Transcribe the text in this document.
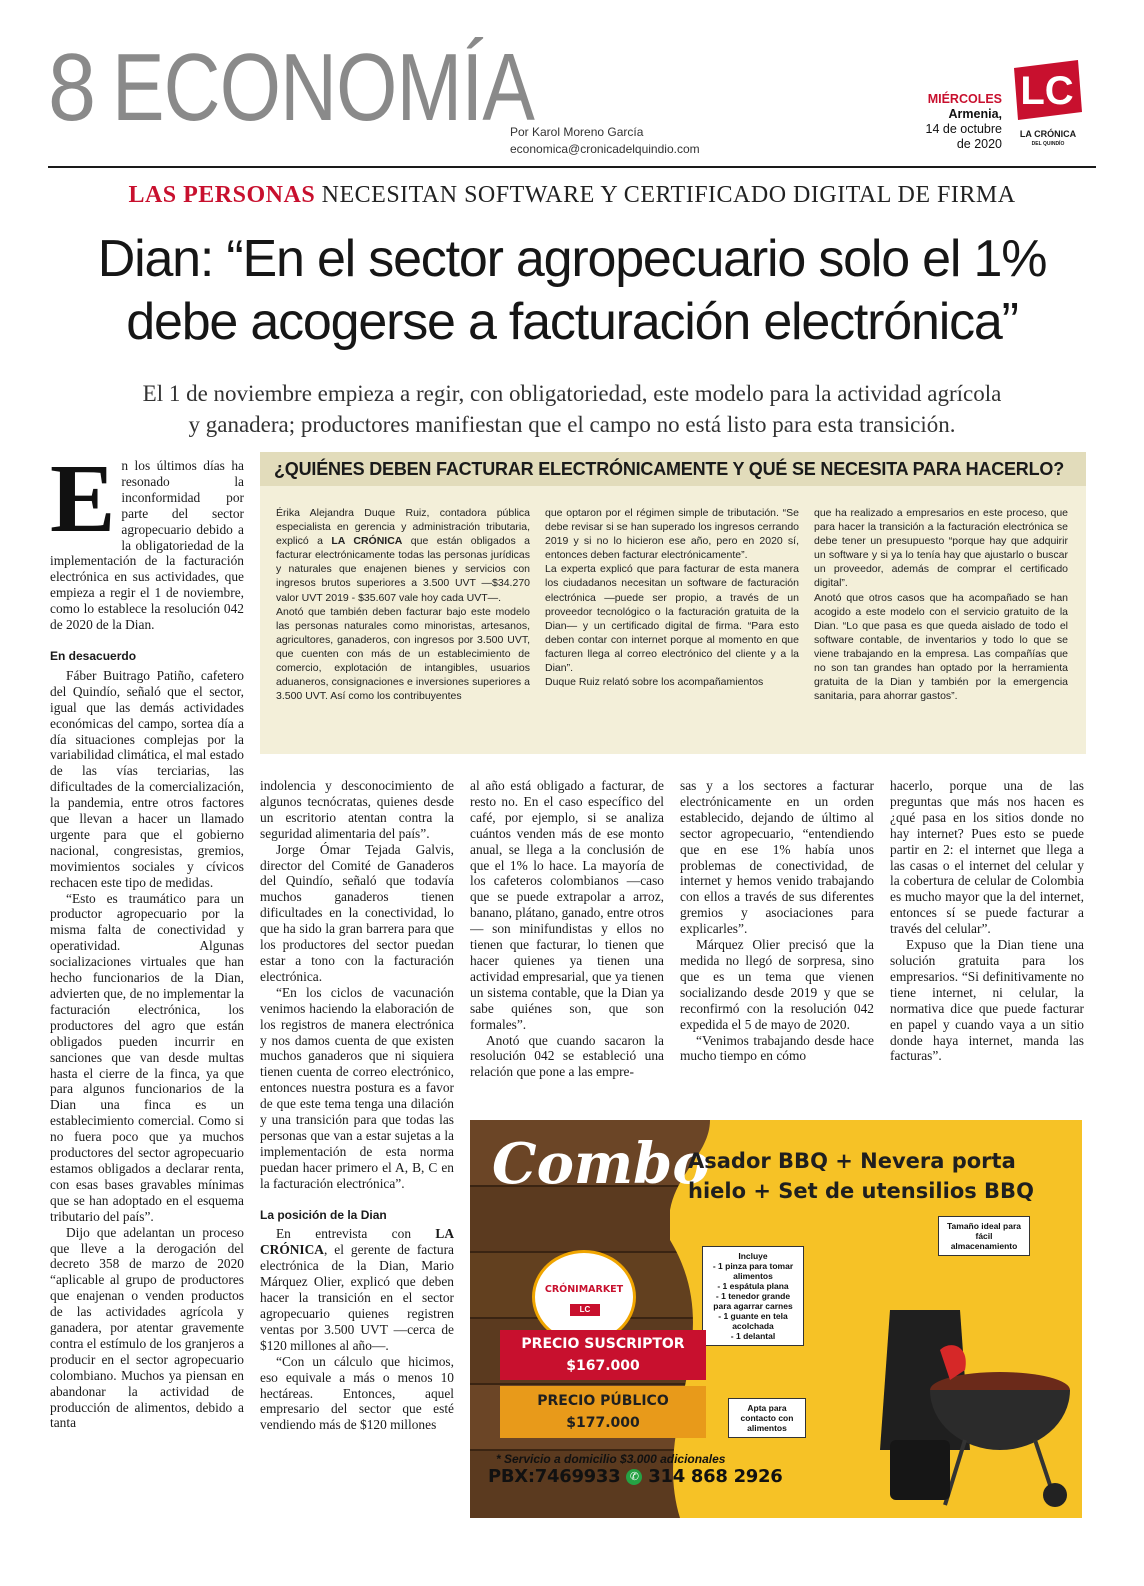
8 ECONOMÍA
Por Karol Moreno García
economica@cronicadelquindio.com
MIÉRCOLES
Armenia,
14 de octubre
de 2020
LC
LA CRÓNICA
DEL QUINDÍO
LAS PERSONAS NECESITAN SOFTWARE Y CERTIFICADO DIGITAL DE FIRMA
Dian: “En el sector agropecuario solo el 1%
debe acogerse a facturación electrónica”
El 1 de noviembre empieza a regir, con obligatoriedad, este modelo para la actividad agrícola
y ganadera; productores manifiestan que el campo no está listo para esta transición.
E n los últimos días ha resonado la inconformidad por parte del sector agropecuario debido a la obligatoriedad de la implementación de la facturación electrónica en sus actividades, que empieza a regir el 1 de noviembre, como lo establece la resolución 042 de 2020 de la Dian.

En desacuerdo

Fáber Buitrago Patiño, cafetero del Quindío, señaló que el sector, igual que las demás actividades económicas del campo, sortea día a día situaciones complejas por la variabilidad climática, el mal estado de las vías terciarias, las dificultades de la comercialización, la pandemia, entre otros factores que llevan a hacer un llamado urgente para que el gobierno nacional, congresistas, gremios, movimientos sociales y cívicos rechacen este tipo de medidas.

“Esto es traumático para un productor agropecuario por la misma falta de conectividad y operatividad. Algunas socializaciones virtuales que han hecho funcionarios de la Dian, advierten que, de no implementar la facturación electrónica, los productores del agro que están obligados pueden incurrir en sanciones que van desde multas hasta el cierre de la finca, ya que para algunos funcionarios de la Dian una finca es un establecimiento comercial. Como si no fuera poco que ya muchos productores del sector agropecuario estamos obligados a declarar renta, con esas bases gravables mínimas que se han adoptado en el esquema tributario del país”.

Dijo que adelantan un proceso que lleve a la derogación del decreto 358 de marzo de 2020 “aplicable al grupo de productores que enajenan o venden productos de las actividades agrícola y ganadera, por atentar gravemente contra el estímulo de los granjeros a producir en el sector agropecuario colombiano. Muchos ya piensan en abandonar la actividad de producción de alimentos, debido a tanta

¿QUIÉNES DEBEN FACTURAR ELECTRÓNICAMENTE Y QUÉ SE NECESITA PARA HACERLO?

Érika Alejandra Duque Ruiz, contadora pública especialista en gerencia y administración tributaria, explicó a LA CRÓNICA que están obligados a facturar electrónicamente todas las personas jurídicas y naturales que enajenen bienes y servicios con ingresos brutos superiores a 3.500 UVT —$34.270 valor UVT 2019 - $35.607 vale hoy cada UVT—.

Anotó que también deben facturar bajo este modelo las personas naturales como minoristas, artesanos, agricultores, ganaderos, con ingresos por 3.500 UVT, que cuenten con más de un establecimiento de comercio, explotación de intangibles, usuarios aduaneros, consignaciones e inversiones superiores a 3.500 UVT. Así como los contribuyentes

que optaron por el régimen simple de tributación. “Se debe revisar si se han superado los ingresos cerrando 2019 y si no lo hicieron ese año, pero en 2020 sí, entonces deben facturar electrónicamente”.

La experta explicó que para facturar de esta manera los ciudadanos necesitan un software de facturación electrónica —puede ser propio, a través de un proveedor tecnológico o la facturación gratuita de la Dian— y un certificado digital de firma. “Para esto deben contar con internet porque al momento en que facturen llega al correo electrónico del cliente y a la Dian”.

Duque Ruiz relató sobre los acompañamientos

que ha realizado a empresarios en este proceso, que para hacer la transición a la facturación electrónica se debe tener un presupuesto “porque hay que adquirir un software y si ya lo tenía hay que ajustarlo o buscar un proveedor, además de comprar el certificado digital”.

Anotó que otros casos que ha acompañado se han acogido a este modelo con el servicio gratuito de la Dian. “Lo que pasa es que queda aislado de todo el software contable, de inventarios y todo lo que se viene trabajando en la empresa. Las compañías que no son tan grandes han optado por la herramienta gratuita de la Dian y también por la emergencia sanitaria, para ahorrar gastos”.

indolencia y desconocimiento de algunos tecnócratas, quienes desde un escritorio atentan contra la seguridad alimentaria del país”.

Jorge Ómar Tejada Galvis, director del Comité de Ganaderos del Quindío, señaló que todavía muchos ganaderos tienen dificultades en la conectividad, lo que ha sido la gran barrera para que los productores del sector puedan estar a tono con la facturación electrónica.

“En los ciclos de vacunación venimos haciendo la elaboración de los registros de manera electrónica y nos damos cuenta de que existen muchos ganaderos que ni siquiera tienen cuenta de correo electrónico, entonces nuestra postura es a favor de que este tema tenga una dilación y una transición para que todas las personas que van a estar sujetas a la implementación de esta norma puedan hacer primero el A, B, C en la facturación electrónica”.

La posición de la Dian

En entrevista con LA CRÓNICA, el gerente de factura electrónica de la Dian, Mario Márquez Olier, explicó que deben hacer la transición en el sector agropecuario quienes registren ventas por 3.500 UVT —cerca de $120 millones al año—.

“Con un cálculo que hicimos, eso equivale a más o menos 10 hectáreas. Entonces, aquel empresario del sector que esté vendiendo más de $120 millones

al año está obligado a facturar, de resto no. En el caso específico del café, por ejemplo, si se analiza cuántos venden más de ese monto anual, se llega a la conclusión de que el 1% lo hace. La mayoría de los cafeteros colombianos —caso que se puede extrapolar a arroz, banano, plátano, ganado, entre otros— son minifundistas y ellos no tienen que facturar, lo tienen que hacer quienes ya tienen una actividad empresarial, que ya tienen un sistema contable, que la Dian ya sabe quiénes son, que son formales”.

Anotó que cuando sacaron la resolución 042 se estableció una relación que pone a las empre-

sas y a los sectores a facturar electrónicamente en un orden establecido, dejando de último al sector agropecuario, “entendiendo que en ese 1% había unos problemas de conectividad, de internet y hemos venido trabajando con ellos a través de sus diferentes gremios y asociaciones para explicarles”.

Márquez Olier precisó que la medida no llegó de sorpresa, sino que es un tema que vienen socializando desde 2019 y que se reconfirmó con la resolución 042 expedida el 5 de mayo de 2020.

“Venimos trabajando desde hace mucho tiempo en cómo

hacerlo, porque una de las preguntas que más nos hacen es ¿qué pasa en los sitios donde no hay internet? Pues esto se puede partir en 2: el internet que llega a las casas o el internet del celular y la cobertura de celular de Colombia es mucho mayor que la del internet, entonces sí se puede facturar a través del celular”.

Expuso que la Dian tiene una solución gratuita para los empresarios. “Si definitivamente no tiene internet, ni celular, la normativa dice que puede facturar en papel y cuando vaya a un sitio donde haya internet, manda las facturas”.

Combo
Asador BBQ + Nevera porta hielo + Set de utensilios BBQ
Incluye
- 1 pinza para tomar alimentos
- 1 espátula plana
- 1 tenedor grande para agarrar carnes
- 1 guante en tela acolchada
- 1 delantal
Tamaño ideal para fácil almacenamiento
Apta para contacto con alimentos
CRÓNIMARKET
LC
PRECIO SUSCRIPTOR
$167.000
PRECIO PÚBLICO
$177.000
* Servicio a domicilio $3.000 adicionales
PBX:7469933 ✆ 314 868 2926
